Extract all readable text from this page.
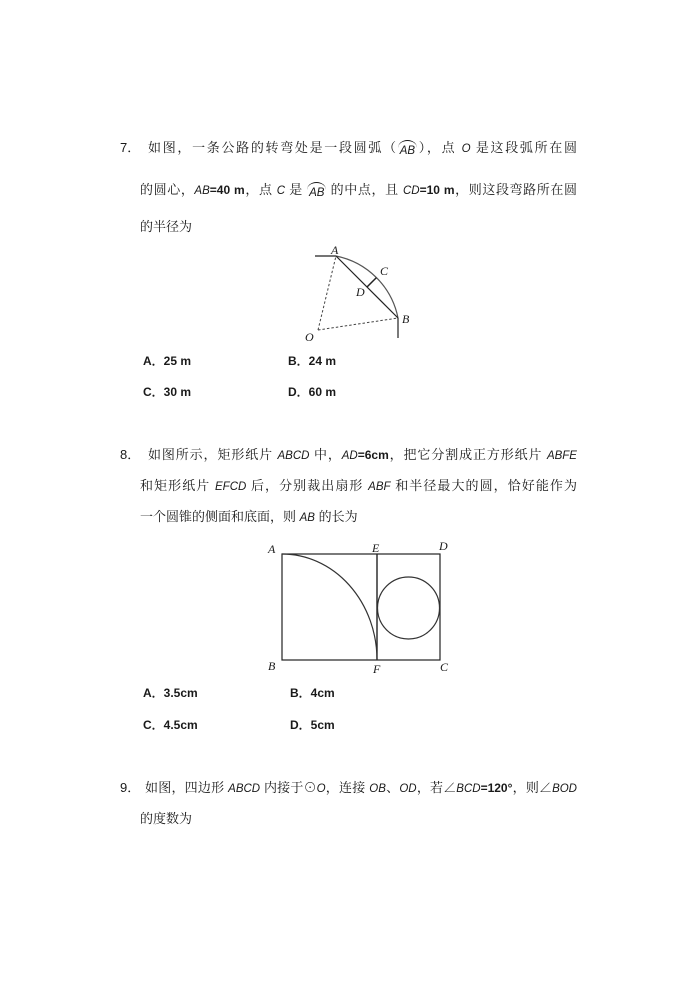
7． 如图，一条公路的转弯处是一段圆弧（ AB ），点 O 是这段弧所在圆
的圆心，AB=40 m，点 C 是 AB 的中点，且 CD=10 m，则这段弯路所在圆
的半径为
A
C
D
B
O
A．25 m	B．24 m
C．30 m	D．60 m
8． 如图所示，矩形纸片 ABCD 中，AD=6cm，把它分割成正方形纸片 ABFE
和矩形纸片 EFCD 后，分别裁出扇形 ABF 和半径最大的圆，恰好能作为
一个圆锥的侧面和底面，则 AB 的长为
A	E	D
B	F	C
A．3.5cm	B．4cm
C．4.5cm	D．5cm
9． 如图，四边形 ABCD 内接于⊙O，连接 OB、OD，若∠BCD=120°，则∠BOD
的度数为
